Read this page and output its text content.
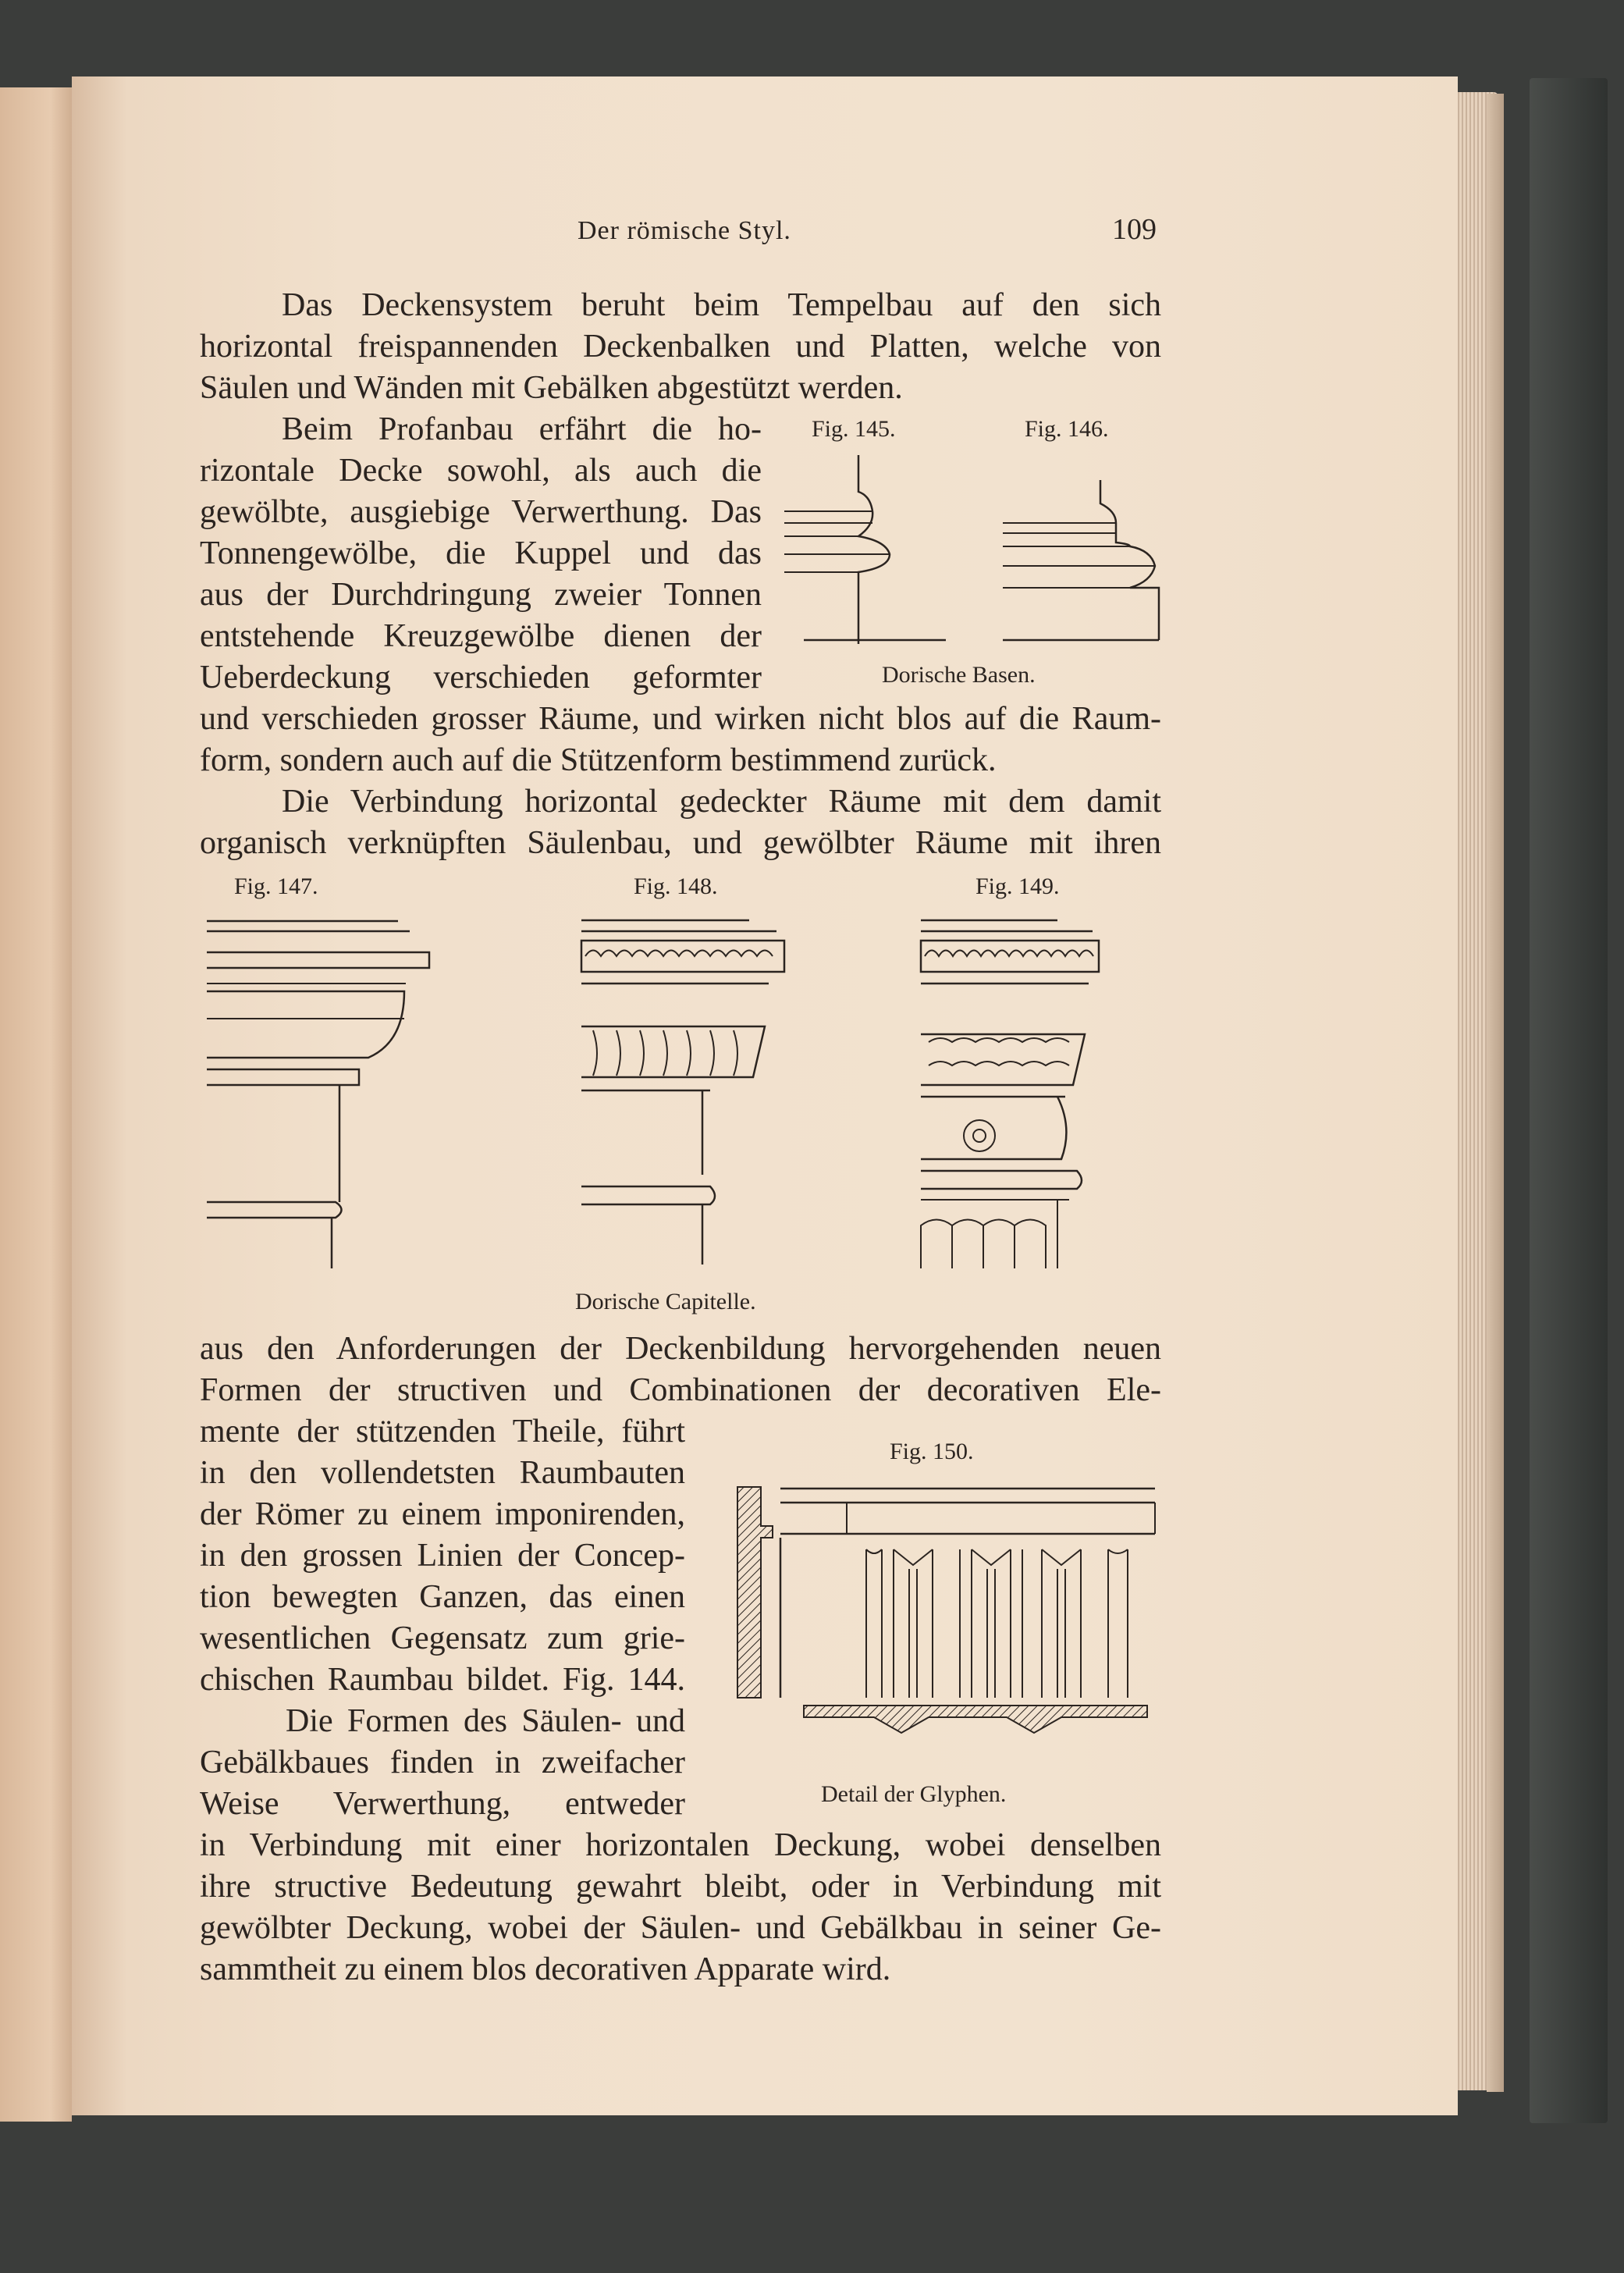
Der römische Styl.	109
Das Deckensystem beruht beim Tempelbau auf den sich
horizontal freispannenden Deckenbalken und Platten, welche von
Säulen und Wänden mit Gebälken abgestützt werden.
Beim Profanbau erfährt die ho-
rizontale Decke sowohl, als auch die
gewölbte, ausgiebige Verwerthung. Das
Tonnengewölbe, die Kuppel und das
aus der Durchdringung zweier Tonnen
entstehende Kreuzgewölbe dienen der
Ueberdeckung verschieden geformter
und verschieden grosser Räume, und wirken nicht blos auf die Raum-
form, sondern auch auf die Stützenform bestimmend zurück.
Die Verbindung horizontal gedeckter Räume mit dem damit
organisch verknüpften Säulenbau, und gewölbter Räume mit ihren
Fig. 145.	Fig. 146.
Dorische Basen.
Fig. 147.	Fig. 148.	Fig. 149.
Dorische Capitelle.
aus den Anforderungen der Deckenbildung hervorgehenden neuen
Formen der structiven und Combinationen der decorativen Ele-
mente der stützenden Theile, führt
in den vollendetsten Raumbauten
der Römer zu einem imponirenden,
in den grossen Linien der Concep-
tion bewegten Ganzen, das einen
wesentlichen Gegensatz zum grie-
chischen Raumbau bildet. Fig. 144.
Die Formen des Säulen- und
Gebälkbaues finden in zweifacher
Weise Verwerthung, entweder
in Verbindung mit einer horizontalen Deckung, wobei denselben
ihre structive Bedeutung gewahrt bleibt, oder in Verbindung mit
gewölbter Deckung, wobei der Säulen- und Gebälkbau in seiner Ge-
sammtheit zu einem blos decorativen Apparate wird.
Fig. 150.
Detail der Glyphen.
